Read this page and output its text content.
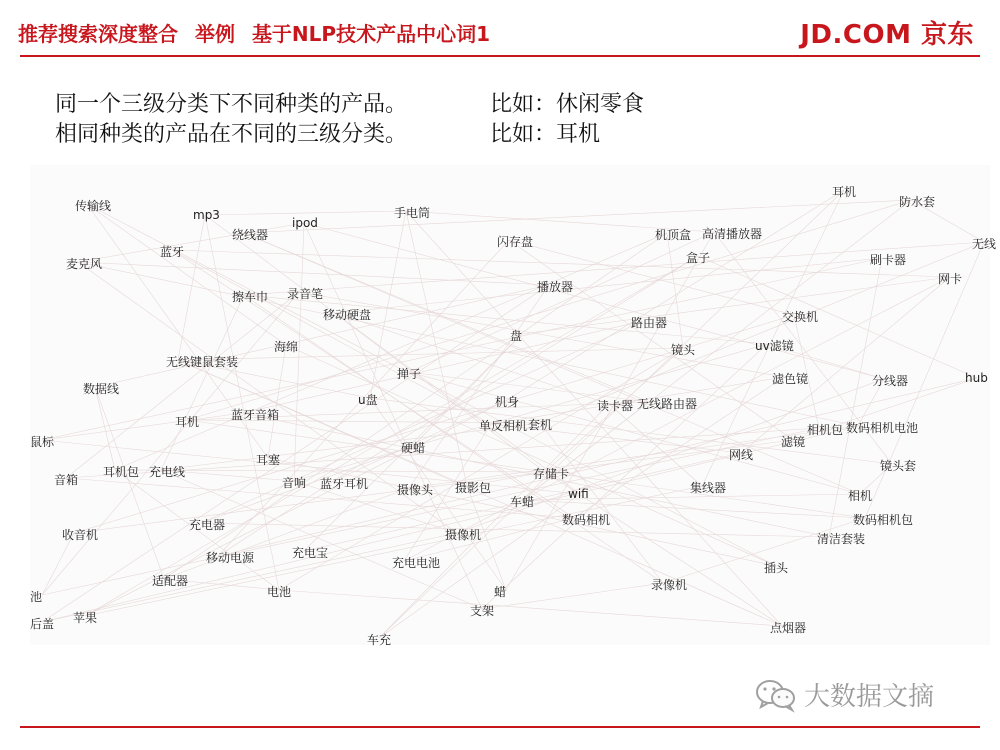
推荐搜索深度整合 举例 基于NLP技术产品中心词1	JD.COM 京东
同一个三级分类下不同种类的产品。	比如：休闲零食
相同种类的产品在不同的三级分类。	比如：耳机
传输线
mp3
ipod
手电筒
绕线器
蓝牙
麦克风
闪存盘	机顶盒 高清播放器
盒子
耳机
防水套
无线
刷卡器
网卡
擦车巾 录音笔	播放器
移动硬盘
路由器	交换机
盘
海绵	镜头	uv滤镜
无线键鼠套装
掸子	滤色镜	分线器	hub
数据线
u盘	机身	读卡器 无线路由器
耳机	蓝牙音箱
单反相机 套机	相机包 数码相机电池
鼠标	硬蜡	滤镜
网线
耳塞
耳机包 充电线	存储卡
镜头套
音箱	音响 蓝牙耳机 摄像头 摄影包	集线器
wifi	相机
车蜡
充电器	数码相机	数码相机包
收音机	摄像机	清洁套装
充电宝
移动电源	充电电池	插头
适配器	录像机
电池	蜡
池
支架
苹果
后盖	点烟器
车充
大数据文摘
